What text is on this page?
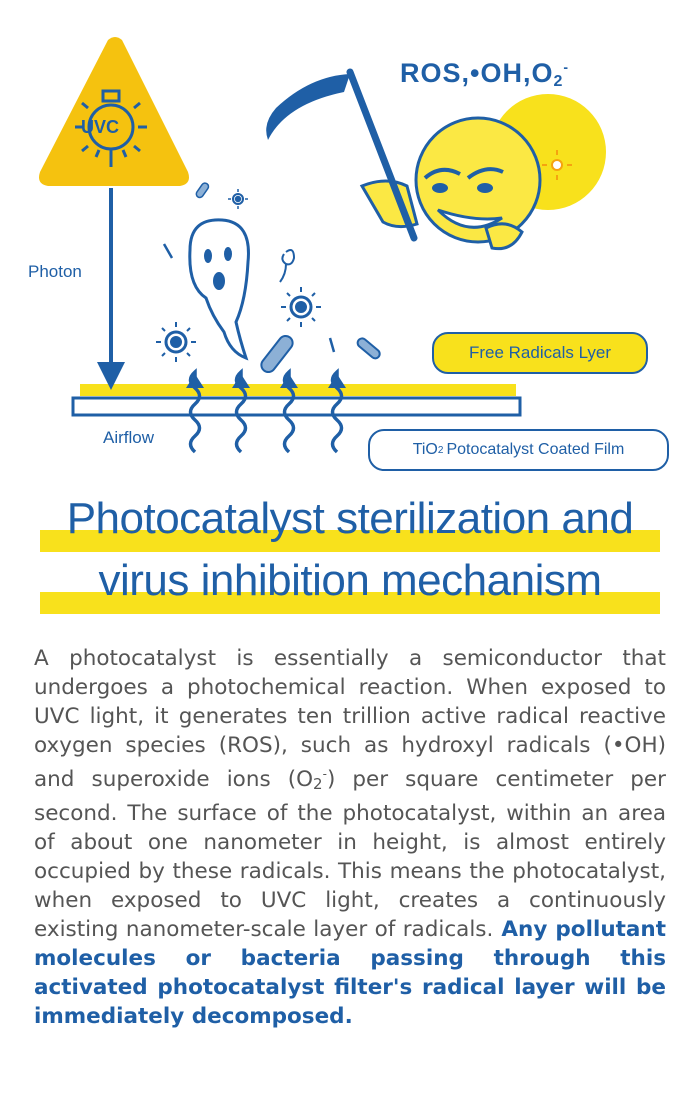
UVC
Photon
Airflow
ROS,•OH,O2-
Free Radicals Lyer
TiO 2 Potocatalyst Coated Film
Photocatalyst sterilization and
virus inhibition mechanism

A photocatalyst is essentially a semiconductor that undergoes a photochemical reaction. When exposed to UVC light, it generates ten trillion active radical reactive oxygen species (ROS), such as hydroxyl radicals (•OH) and superoxide ions (O2-) per square centimeter per second. The surface of the photocatalyst, within an area of about one nanometer in height, is almost entirely occupied by these radicals. This means the photocatalyst, when exposed to UVC light, creates a continuously existing nanometer-scale layer of radicals. Any pollutant molecules or bacteria passing through this activated photocatalyst filter's radical layer will be immediately decomposed.
